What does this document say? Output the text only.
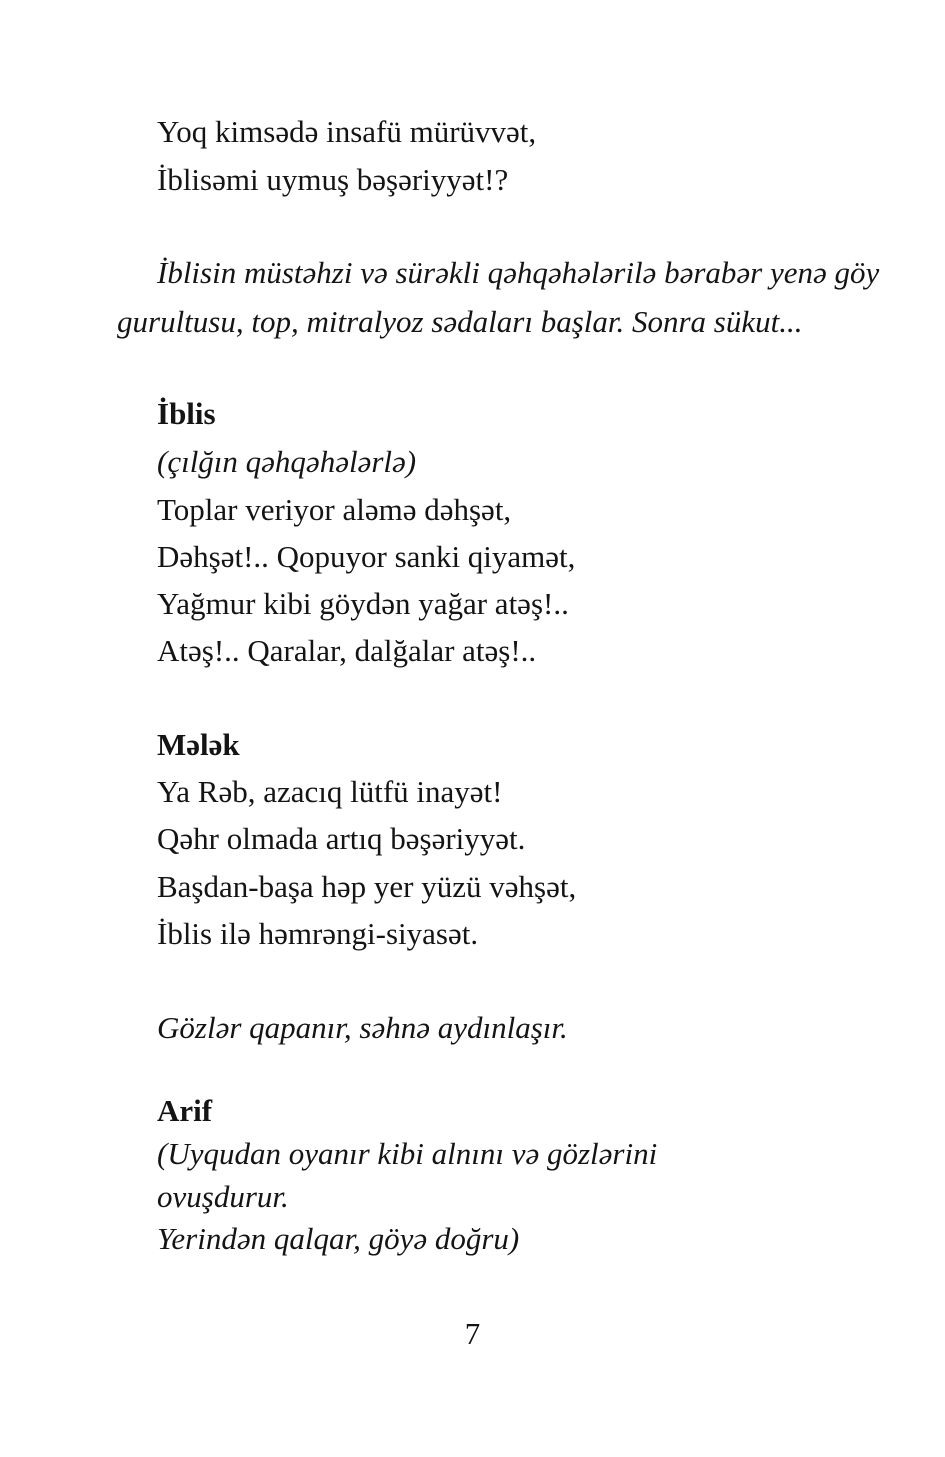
Yoq kimsədə insafü mürüvvət,
İblisəmi uymuş bəşəriyyət!?
İblisin müstəhzi və sürəkli qəhqəhələrilə bərabər yenə göy
gurultusu, top, mitralyoz sədaları başlar. Sonra sükut...
İblis
(çılğın qəhqəhələrlə)
Toplar veriyor aləmə dəhşət,
Dəhşət!.. Qopuyor sanki qiyamət,
Yağmur kibi göydən yağar atəş!..
Atəş!.. Qaralar, dalğalar atəş!..
Mələk
Ya Rəb, azacıq lütfü inayət!
Qəhr olmada artıq bəşəriyyət.
Başdan-başa həp yer yüzü vəhşət,
İblis ilə həmrəngi-siyasət.
Gözlər qapanır, səhnə aydınlaşır.
Arif
(Uyqudan oyanır kibi alnını və gözlərini
ovuşdurur.
Yerindən qalqar, göyə doğru)
7
